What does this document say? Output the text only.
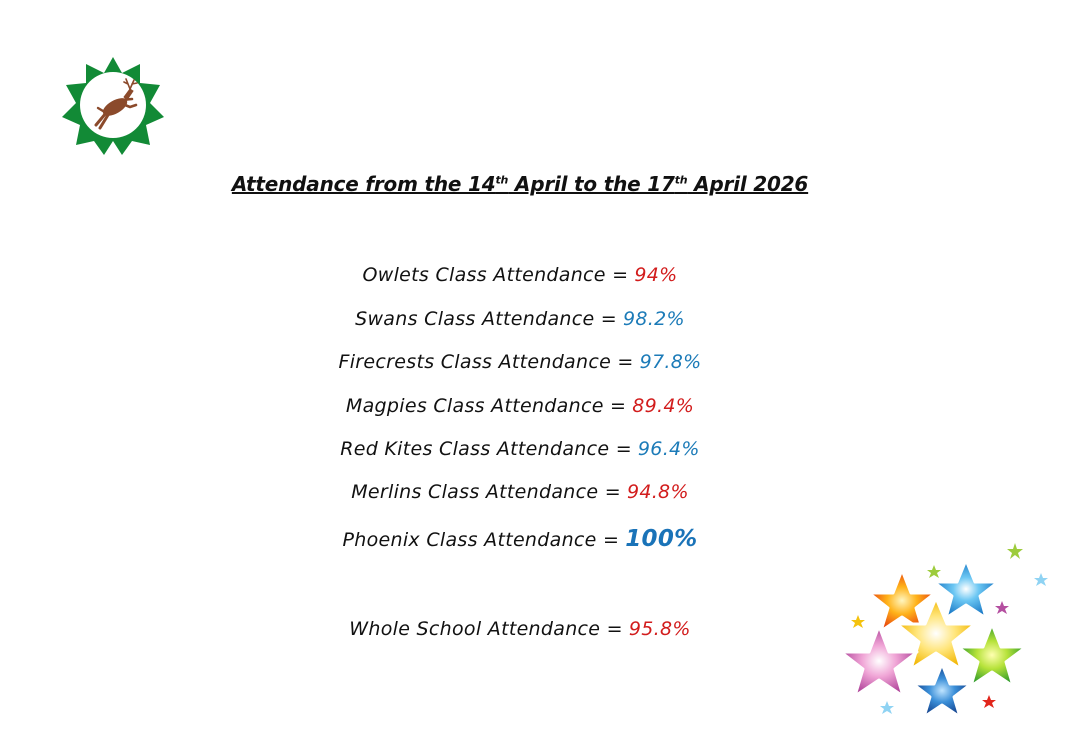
Attendance from the 14th April to the 17th April 2026
Owlets Class Attendance = 94%
Swans Class Attendance = 98.2%
Firecrests Class Attendance = 97.8%
Magpies Class Attendance = 89.4%
Red Kites Class Attendance = 96.4%
Merlins Class Attendance = 94.8%
Phoenix Class Attendance = 100%
Whole School Attendance = 95.8%
